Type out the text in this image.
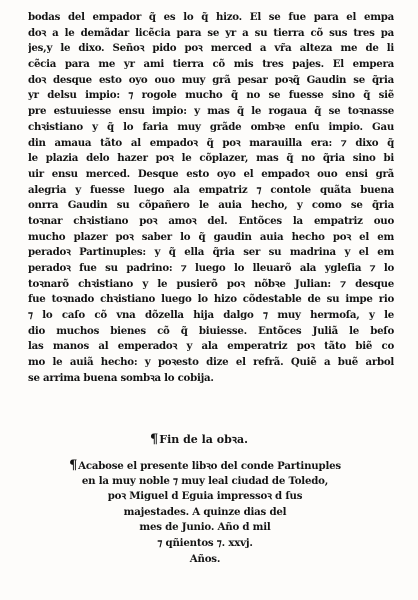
bodas del empador q̃ es lo q̃ hizo. El se fue para el empa
doꝛ a le demãdar licẽcia para se yr a su tierra cõ sus tres pa
jes,y le dixo. Señoꝛ pido poꝛ merced a vr̃a alteza me de li
cẽcia para me yr ami tierra cõ mis tres pajes. El empera
doꝛ desque esto oyo ouo muy grã pesar poꝛq̃ Gaudin se q̃ria
yr delsu impio: ⁊ rogole mucho q̃ no se fuesse sino q̃ siẽ
pre estuuiesse ensu impio: y mas q̃ le rogaua q̃ se toꝛnasse
chꝛistiano y q̃ lo faria muy grãde ombꝛe enſu impio. Gau
din amaua tãto al empadoꝛ q̃ poꝛ marauilla era: ⁊ dixo q̃
le plazia delo hazer poꝛ le cõplazer, mas q̃ no q̃ria sino bi
uir ensu merced. Desque esto oyo el empadoꝛ ouo ensi grã
alegria y fuesse luego ala empatriz ⁊ contole quãta buena
onrra Gaudin su cõpañero le auia hecho, y como se q̃ria
toꝛnar chꝛistiano poꝛ amoꝛ del. Entõces la empatriz ouo
mucho plazer poꝛ saber lo q̃ gaudin auia hecho poꝛ el em
peradoꝛ Partinuples: y q̃ ella q̃ria ser su madrina y el em
peradoꝛ fue su padrino: ⁊ luego lo lleuarõ ala ygleſia ⁊ lo
toꝛnarõ chꝛistiano y le pusierõ poꝛ nõbꝛe Julian: ⁊ desque
fue toꝛnado chꝛistiano luego lo hizo cõdestable de su impe rio
⁊ lo caſo cõ vna dõzella hija dalgo ⁊ muy hermoſa, y le
dio muchos bienes cõ q̃ biuiesse. Entõces Juliã le beſo
las manos al emperadoꝛ y ala emperatriz poꝛ tãto biẽ co
mo le auiã hecho: y poꝛesto dize el refrã. Quiẽ a buẽ arbol
se arrima buena sombꝛa lo cobija.
¶Fin de la obꝛa.
¶Acabose el presente libꝛo del conde Partinuples
en la muy noble ⁊ muy leal ciudad de Toledo,
poꝛ Miguel d Eguia impressoꝛ d ſus
majestades. A quinze dias del
mes de Junio. Año d mil
⁊ qñientos ⁊. xxvj.
Años.
